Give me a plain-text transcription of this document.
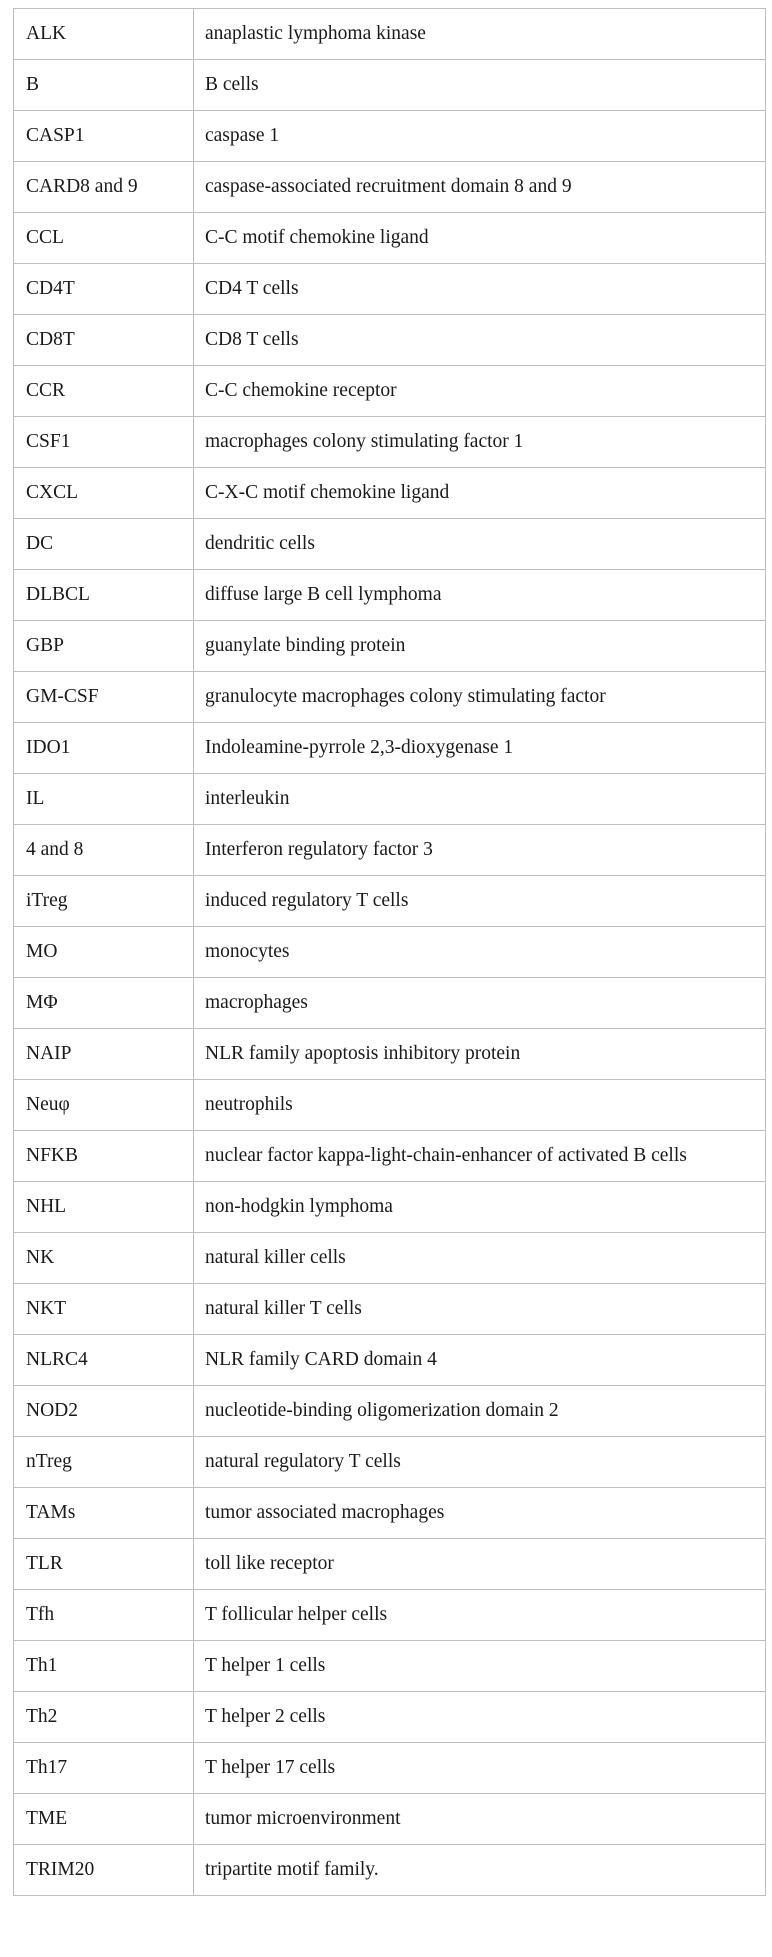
ALK	anaplastic lymphoma kinase
B	B cells
CASP1	caspase 1
CARD8 and 9	caspase-associated recruitment domain 8 and 9
CCL	C-C motif chemokine ligand
CD4T	CD4 T cells
CD8T	CD8 T cells
CCR	C-C chemokine receptor
CSF1	macrophages colony stimulating factor 1
CXCL	C-X-C motif chemokine ligand
DC	dendritic cells
DLBCL	diffuse large B cell lymphoma
GBP	guanylate binding protein
GM-CSF	granulocyte macrophages colony stimulating factor
IDO1	Indoleamine-pyrrole 2,3-dioxygenase 1
IL	interleukin
4 and 8	Interferon regulatory factor 3
iTreg	induced regulatory T cells
MO	monocytes
MΦ	macrophages
NAIP	NLR family apoptosis inhibitory protein
Neuφ	neutrophils
NFKB	nuclear factor kappa-light-chain-enhancer of activated B cells
NHL	non-hodgkin lymphoma
NK	natural killer cells
NKT	natural killer T cells
NLRC4	NLR family CARD domain 4
NOD2	nucleotide-binding oligomerization domain 2
nTreg	natural regulatory T cells
TAMs	tumor associated macrophages
TLR	toll like receptor
Tfh	T follicular helper cells
Th1	T helper 1 cells
Th2	T helper 2 cells
Th17	T helper 17 cells
TME	tumor microenvironment
TRIM20	tripartite motif family.
